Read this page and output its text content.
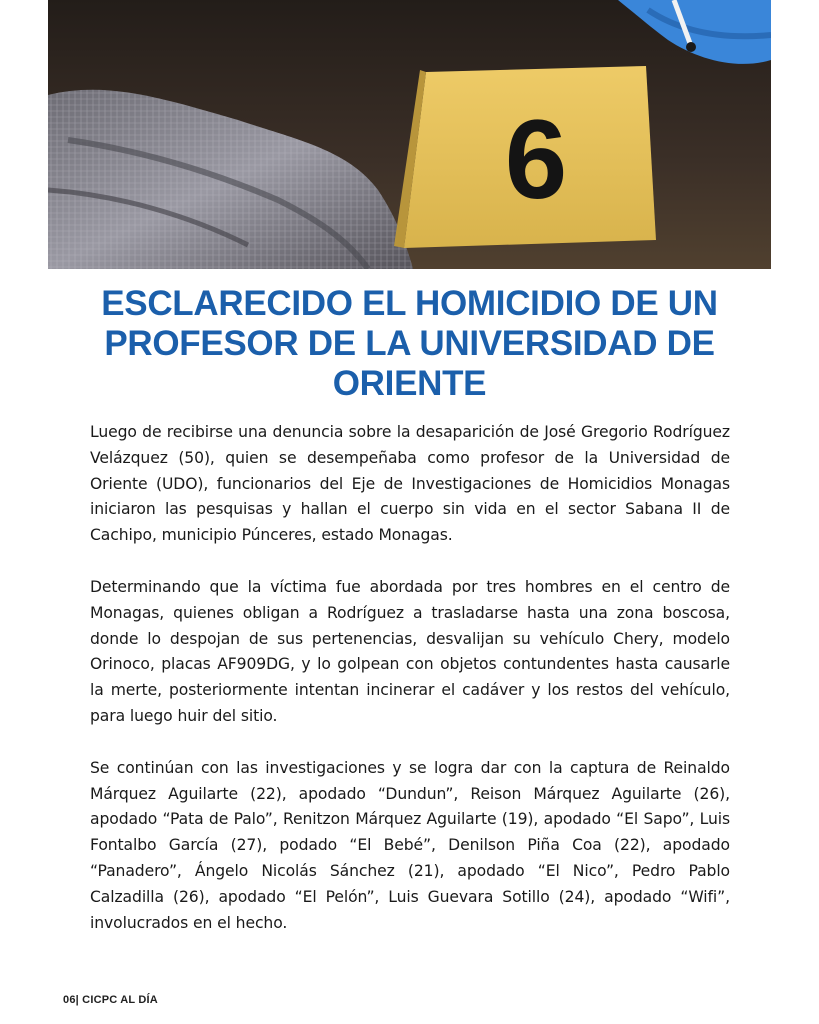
6
ESCLARECIDO EL HOMICIDIO DE UN PROFESOR DE LA UNIVERSIDAD DE ORIENTE

Luego de recibirse una denuncia sobre la desaparición de José Gregorio Rodríguez Velázquez (50), quien se desempeñaba como profesor de la Universidad de Oriente (UDO), funcionarios del Eje de Investigaciones de Homicidios Monagas iniciaron las pesquisas y hallan el cuerpo sin vida en el sector Sabana II de Cachipo, municipio Púnceres, estado Monagas.

Determinando que la víctima fue abordada por tres hombres en el centro de Monagas, quienes obligan a Rodríguez a trasladarse hasta una zona boscosa, donde lo despojan de sus pertenencias, desvalijan su vehículo Chery, modelo Orinoco, placas AF909DG, y lo golpean con objetos contundentes hasta causarle la merte, posteriormente intentan incinerar el cadáver y los restos del vehículo, para luego huir del sitio.

Se continúan con las investigaciones y se logra dar con la captura de Reinaldo Márquez Aguilarte (22), apodado “Dundun”, Reison Márquez Aguilarte (26), apodado “Pata de Palo”, Renitzon Márquez Aguilarte (19), apodado “El Sapo”, Luis Fontalbo García (27), podado “El Bebé”, Denilson Piña Coa (22), apodado “Panadero”, Ángelo Nicolás Sánchez (21), apodado “El Nico”, Pedro Pablo Calzadilla (26), apodado “El Pelón”, Luis Guevara Sotillo (24), apodado “Wifi”, involucrados en el hecho.

06| CICPC AL DÍA
